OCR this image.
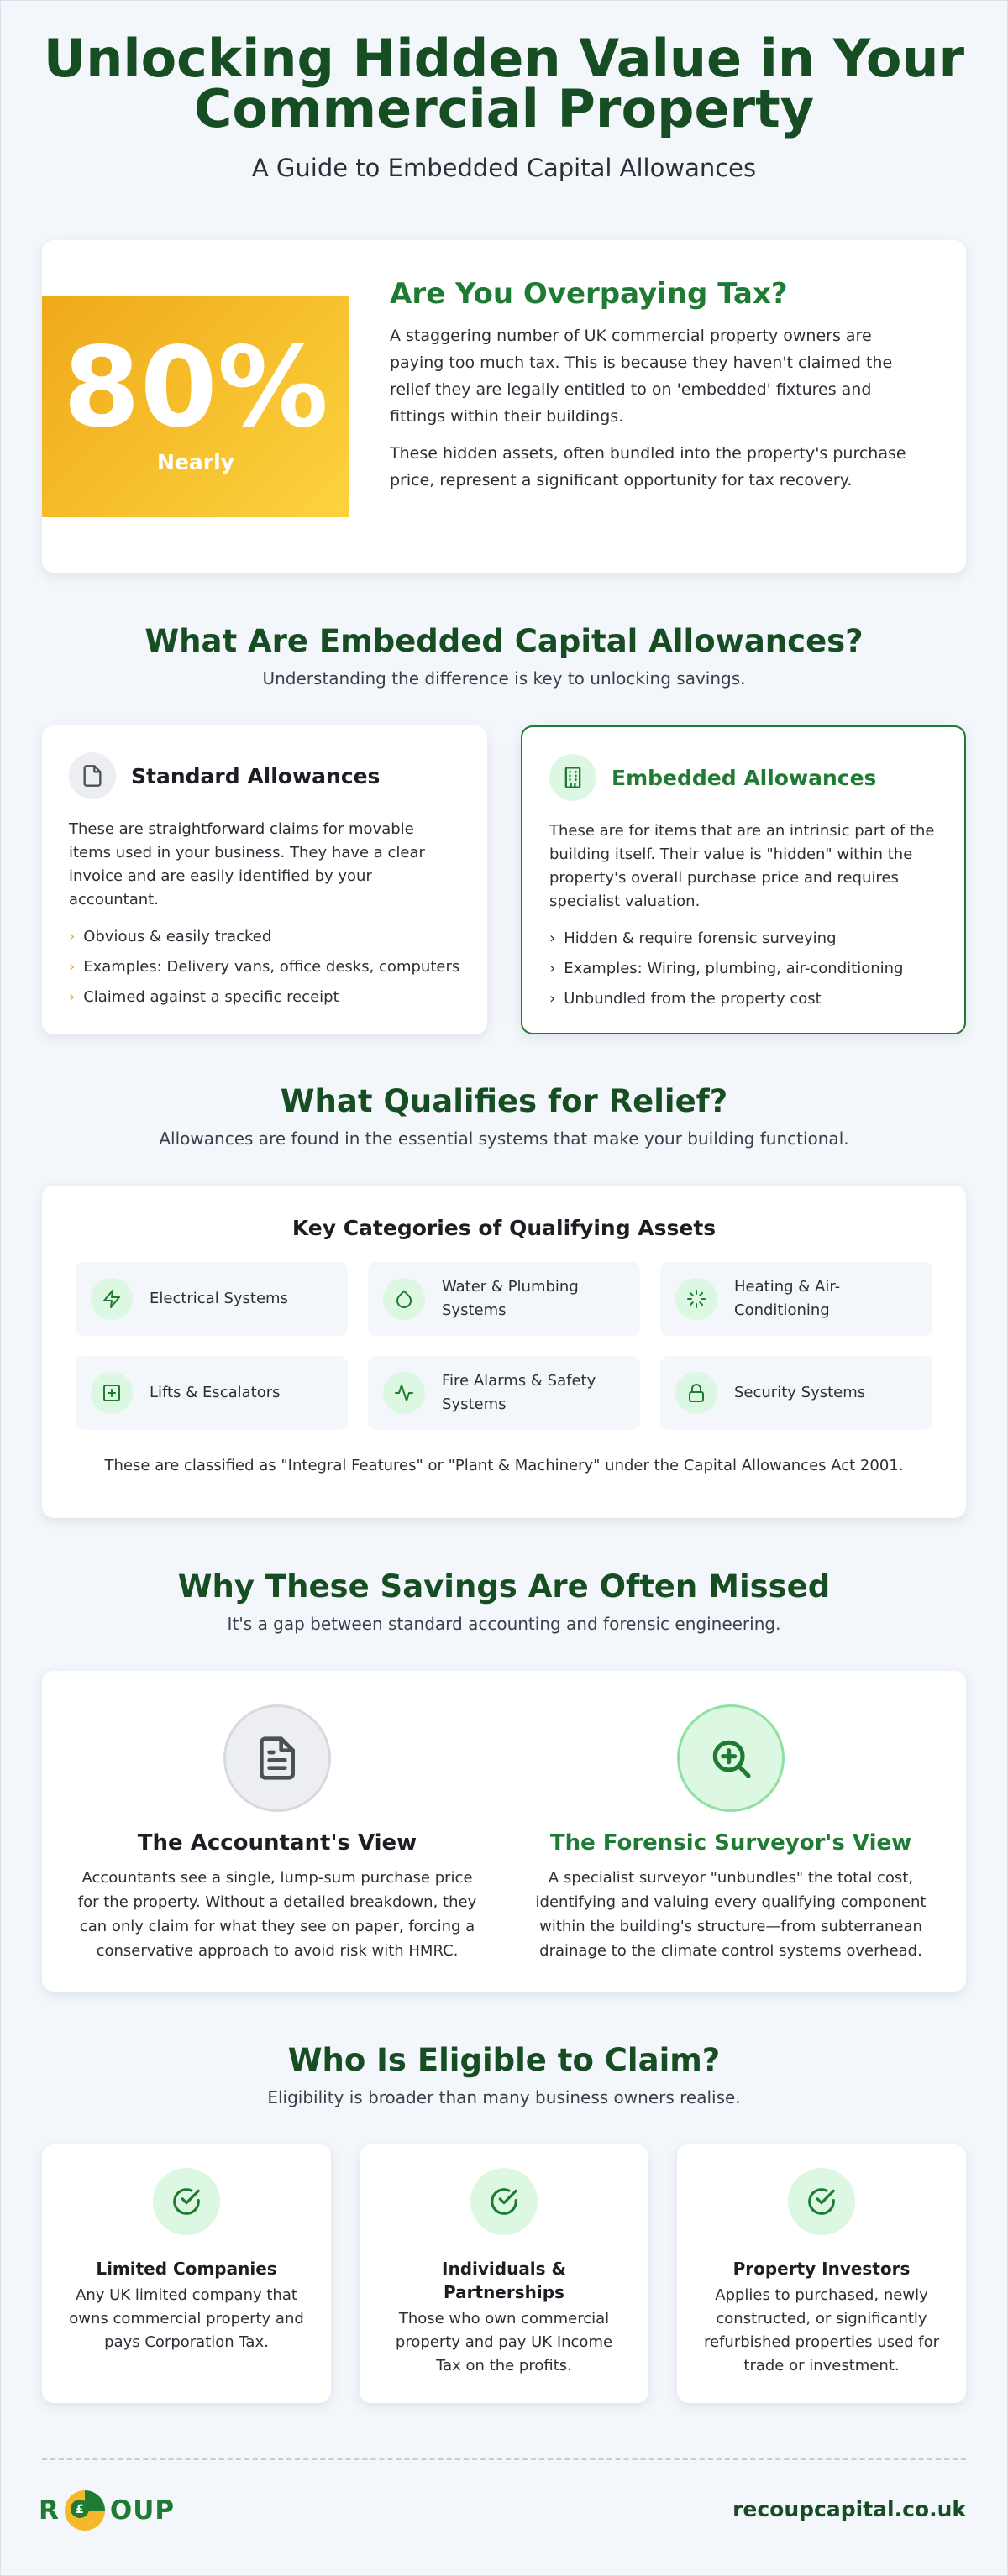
Unlocking Hidden Value in Your Commercial Property
A Guide to Embedded Capital Allowances
80%
Nearly
Are You Overpaying Tax?

A staggering number of UK commercial property owners are paying too much tax. This is because they haven't claimed the relief they are legally entitled to on 'embedded' fixtures and fittings within their buildings.

These hidden assets, often bundled into the property's purchase price, represent a significant opportunity for tax recovery.

What Are Embedded Capital Allowances?
Understanding the difference is key to unlocking savings.
Standard Allowances

These are straightforward claims for movable items used in your business. They have a clear invoice and are easily identified by your accountant.

› Obvious & easily tracked
› Examples: Delivery vans, office desks, computers
› Claimed against a specific receipt
Embedded Allowances

These are for items that are an intrinsic part of the building itself. Their value is "hidden" within the property's overall purchase price and requires specialist valuation.

› Hidden & require forensic surveying
› Examples: Wiring, plumbing, air-conditioning
› Unbundled from the property cost
What Qualifies for Relief?
Allowances are found in the essential systems that make your building functional.
Key Categories of Qualifying Assets
Electrical Systems
Water & Plumbing Systems
Heating & Air-Conditioning
Lifts & Escalators
Fire Alarms & Safety Systems
Security Systems
These are classified as "Integral Features" or "Plant & Machinery" under the Capital Allowances Act 2001.
Why These Savings Are Often Missed
It's a gap between standard accounting and forensic engineering.
The Accountant's View

Accountants see a single, lump-sum purchase price for the property. Without a detailed breakdown, they can only claim for what they see on paper, forcing a conservative approach to avoid risk with HMRC.

The Forensic Surveyor's View

A specialist surveyor "unbundles" the total cost, identifying and valuing every qualifying component within the building's structure—from subterranean drainage to the climate control systems overhead.

Who Is Eligible to Claim?
Eligibility is broader than many business owners realise.
Limited Companies

Any UK limited company that owns commercial property and pays Corporation Tax.

Individuals & Partnerships

Those who own commercial property and pay UK Income Tax on the profits.

Property Investors

Applies to purchased, newly constructed, or significantly refurbished properties used for trade or investment.

R £ OUP	recoupcapital.co.uk
